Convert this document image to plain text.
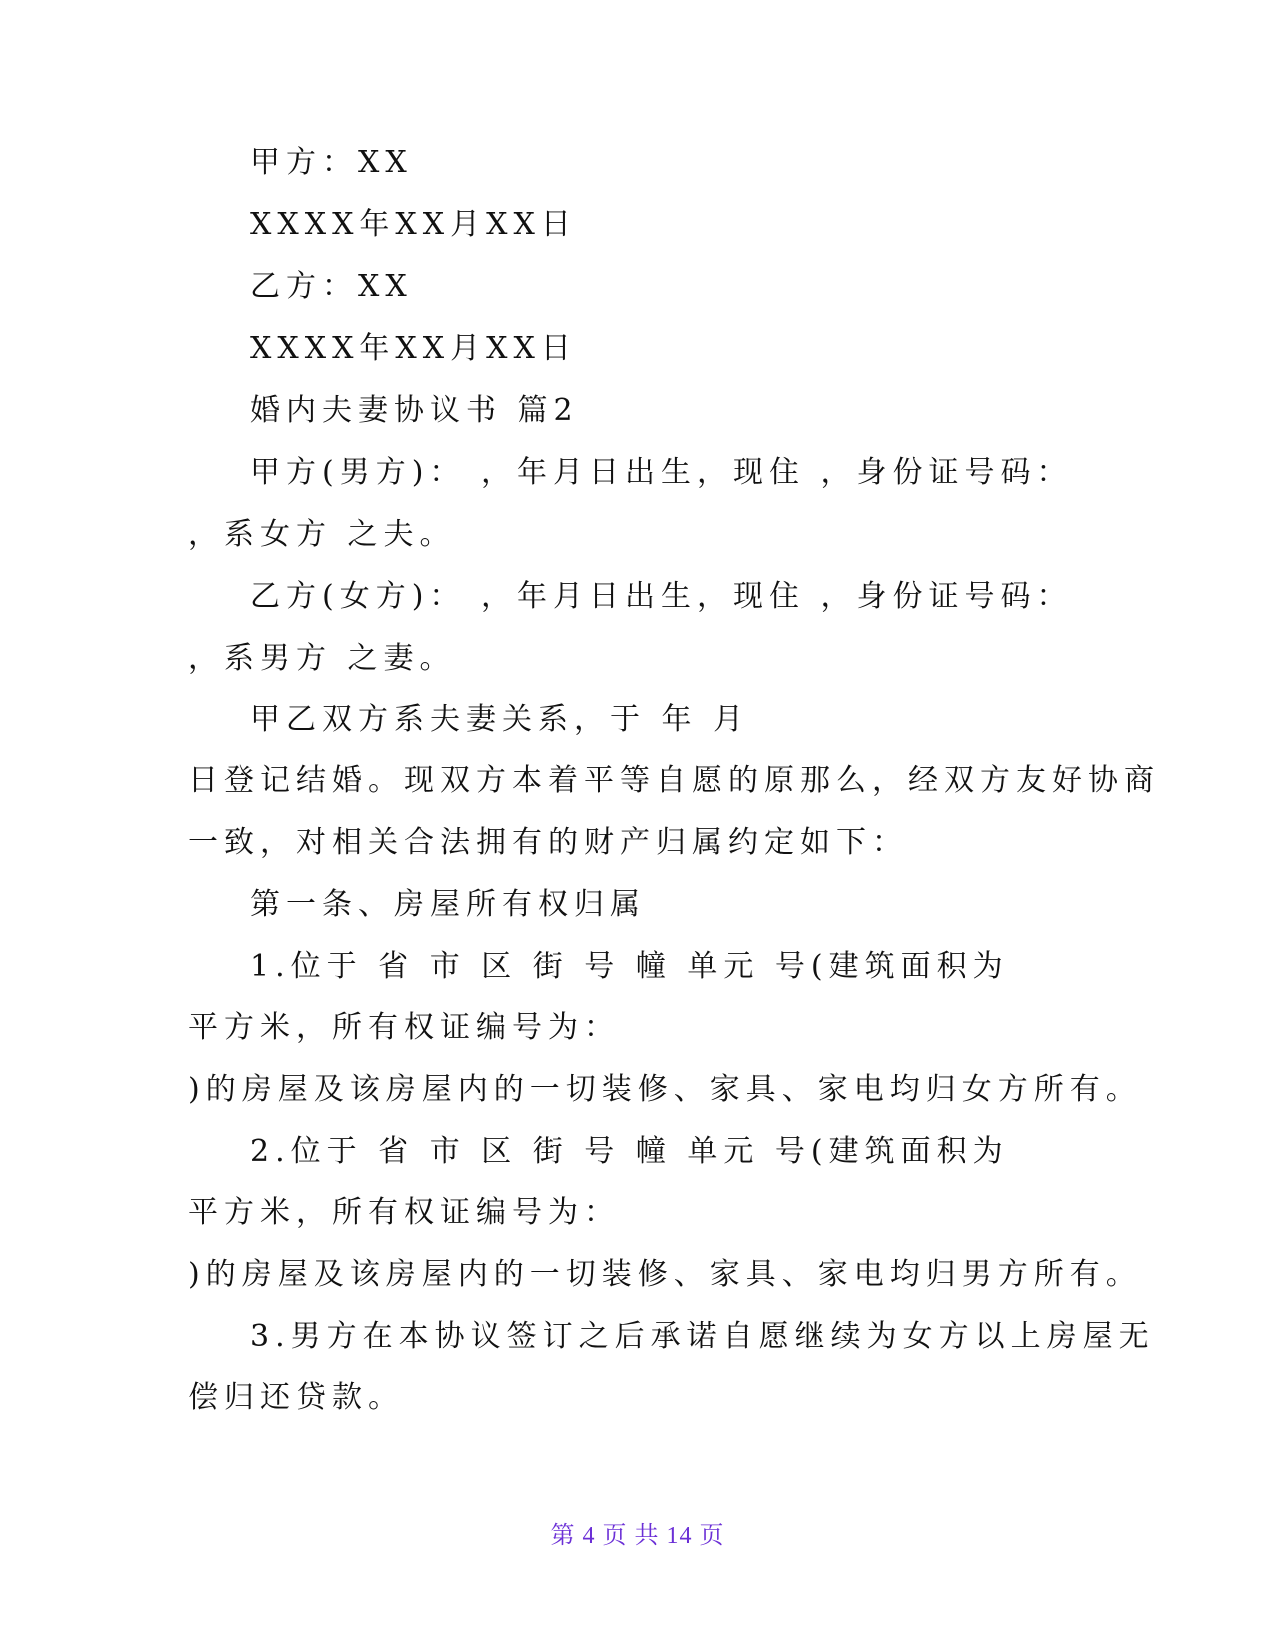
甲方：XX
XXXX年XX月XX日
乙方：XX
XXXX年XX月XX日
婚内夫妻协议书 篇2
甲方(男方)： ，年月日出生，现住 ，身份证号码：
，系女方 之夫。
乙方(女方)： ，年月日出生，现住 ，身份证号码：
，系男方 之妻。
甲乙双方系夫妻关系，于 年 月
日登记结婚。现双方本着平等自愿的原那么，经双方友好协商
一致，对相关合法拥有的财产归属约定如下：
第一条、房屋所有权归属
1.位于 省 市 区 街 号 幢 单元 号(建筑面积为
平方米，所有权证编号为：
)的房屋及该房屋内的一切装修、家具、家电均归女方所有。
2.位于 省 市 区 街 号 幢 单元 号(建筑面积为
平方米，所有权证编号为：
)的房屋及该房屋内的一切装修、家具、家电均归男方所有。
3.男方在本协议签订之后承诺自愿继续为女方以上房屋无
偿归还贷款。
第 4 页 共 14 页
